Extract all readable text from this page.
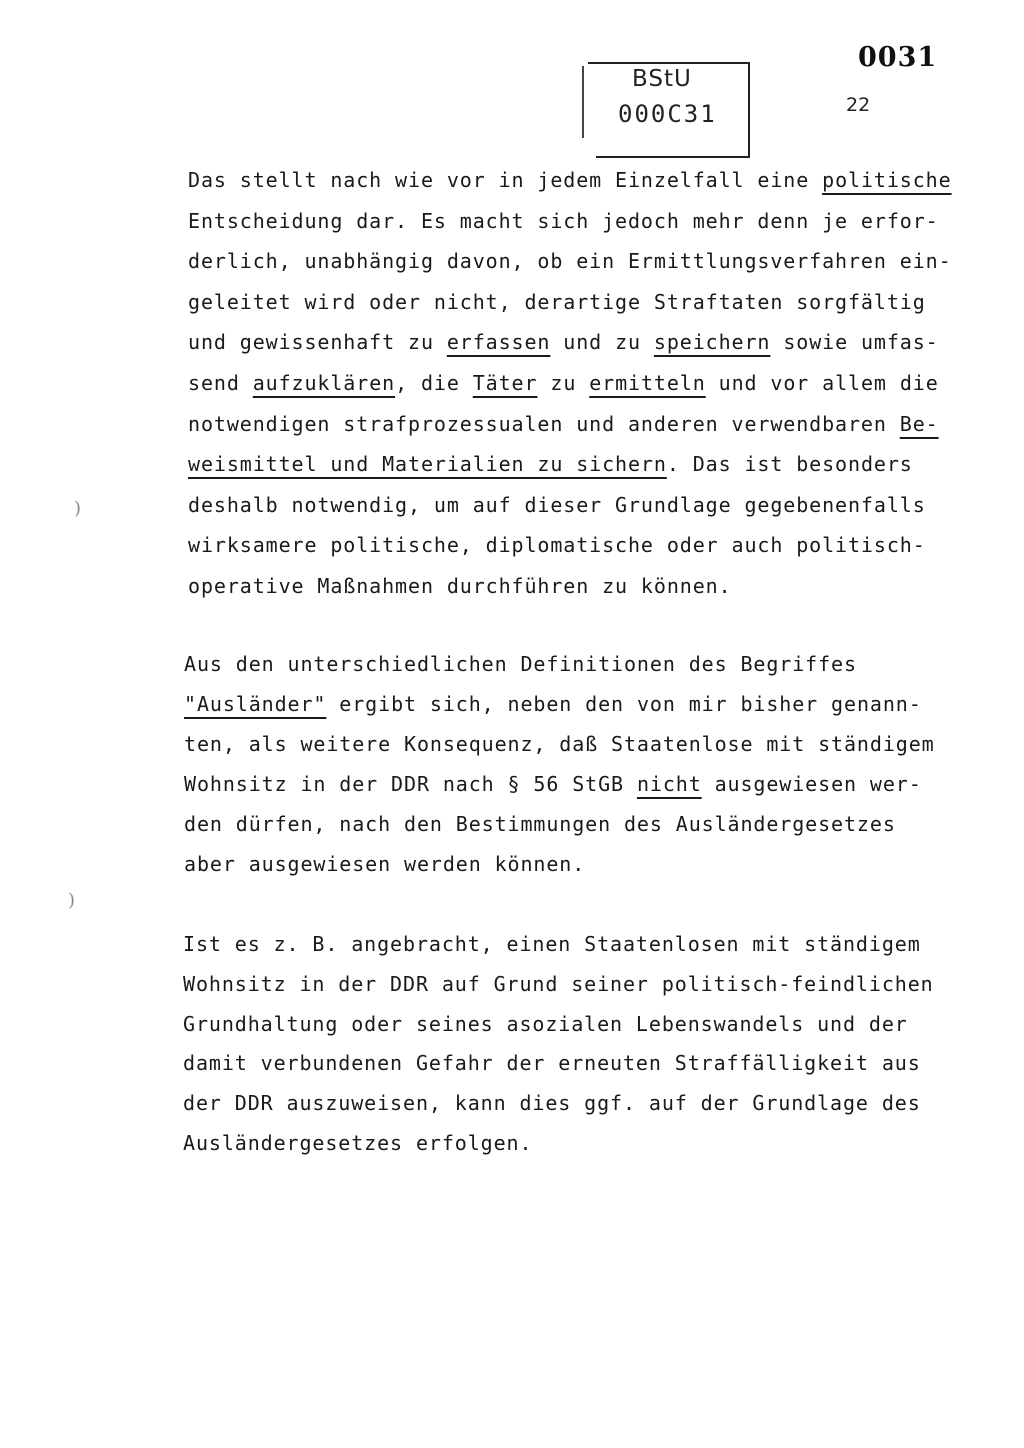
BStU
000C31
0031
22
Das stellt nach wie vor in jedem Einzelfall eine politische
Entscheidung dar. Es macht sich jedoch mehr denn je erfor-
derlich, unabhängig davon, ob ein Ermittlungsverfahren ein-
geleitet wird oder nicht, derartige Straftaten sorgfältig
und gewissenhaft zu erfassen und zu speichern sowie umfas-
send aufzuklären, die Täter zu ermitteln und vor allem die
notwendigen strafprozessualen und anderen verwendbaren Be-
weismittel und Materialien zu sichern. Das ist besonders
deshalb notwendig, um auf dieser Grundlage gegebenenfalls
wirksamere politische, diplomatische oder auch politisch-
operative Maßnahmen durchführen zu können.
Aus den unterschiedlichen Definitionen des Begriffes
"Ausländer" ergibt sich, neben den von mir bisher genann-
ten, als weitere Konsequenz, daß Staatenlose mit ständigem
Wohnsitz in der DDR nach § 56 StGB nicht ausgewiesen wer-
den dürfen, nach den Bestimmungen des Ausländergesetzes
aber ausgewiesen werden können.
Ist es z. B. angebracht, einen Staatenlosen mit ständigem
Wohnsitz in der DDR auf Grund seiner politisch-feindlichen
Grundhaltung oder seines asozialen Lebenswandels und der
damit verbundenen Gefahr der erneuten Straffälligkeit aus
der DDR auszuweisen, kann dies ggf. auf der Grundlage des
Ausländergesetzes erfolgen.
)
)
